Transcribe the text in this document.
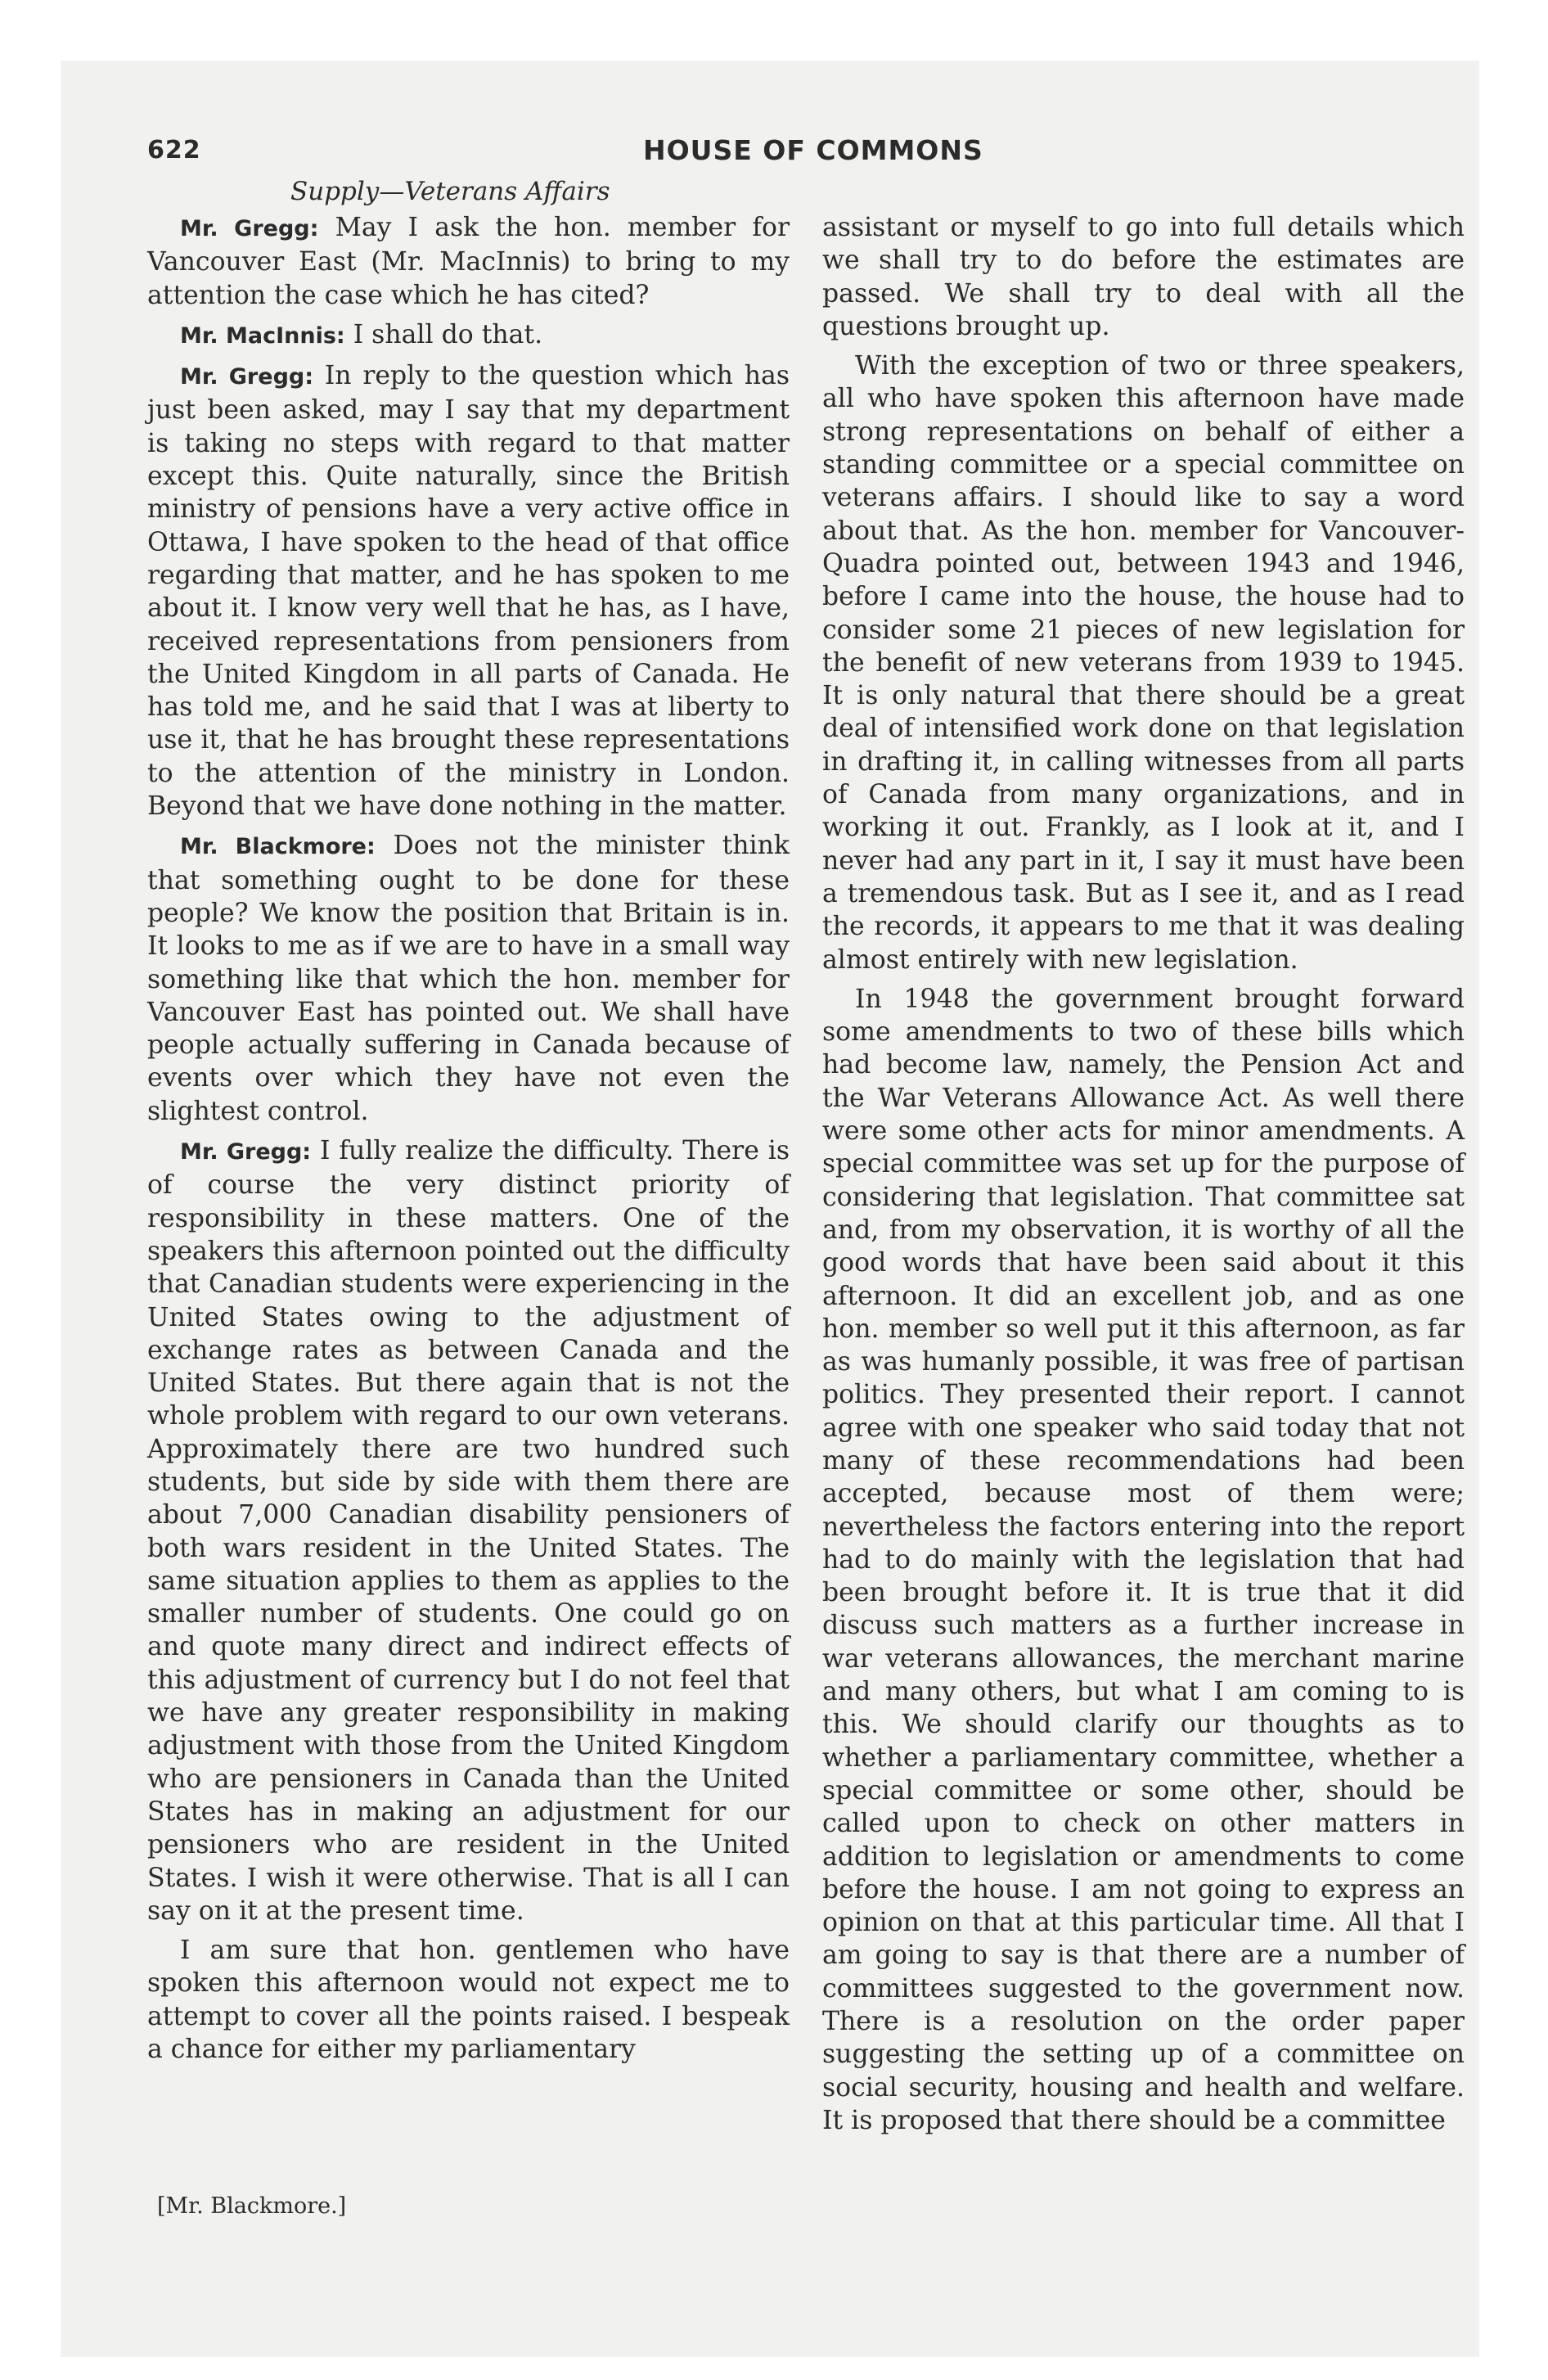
622	HOUSE OF COMMONS
Supply—Veterans Affairs

Mr. Gregg: May I ask the hon. member for Vancouver East (Mr. MacInnis) to bring to my attention the case which he has cited?

Mr. MacInnis: I shall do that.

Mr. Gregg: In reply to the question which has just been asked, may I say that my department is taking no steps with regard to that matter except this. Quite naturally, since the British ministry of pensions have a very active office in Ottawa, I have spoken to the head of that office regarding that matter, and he has spoken to me about it. I know very well that he has, as I have, received representations from pensioners from the United Kingdom in all parts of Canada. He has told me, and he said that I was at liberty to use it, that he has brought these representations to the attention of the ministry in London. Beyond that we have done nothing in the matter.

Mr. Blackmore: Does not the minister think that something ought to be done for these people? We know the position that Britain is in. It looks to me as if we are to have in a small way something like that which the hon. member for Vancouver East has pointed out. We shall have people actually suffering in Canada because of events over which they have not even the slightest control.

Mr. Gregg: I fully realize the difficulty. There is of course the very distinct priority of responsibility in these matters. One of the speakers this afternoon pointed out the difficulty that Canadian students were experiencing in the United States owing to the adjustment of exchange rates as between Canada and the United States. But there again that is not the whole problem with regard to our own veterans. Approximately there are two hundred such students, but side by side with them there are about 7,000 Canadian disability pensioners of both wars resident in the United States. The same situation applies to them as applies to the smaller number of students. One could go on and quote many direct and indirect effects of this adjustment of currency but I do not feel that we have any greater responsibility in making adjustment with those from the United Kingdom who are pensioners in Canada than the United States has in making an adjustment for our pensioners who are resident in the United States. I wish it were otherwise. That is all I can say on it at the present time.

I am sure that hon. gentlemen who have spoken this afternoon would not expect me to attempt to cover all the points raised. I bespeak a chance for either my parliamentary

assistant or myself to go into full details which we shall try to do before the estimates are passed. We shall try to deal with all the questions brought up.

With the exception of two or three speakers, all who have spoken this afternoon have made strong representations on behalf of either a standing committee or a special committee on veterans affairs. I should like to say a word about that. As the hon. member for Vancouver-Quadra pointed out, between 1943 and 1946, before I came into the house, the house had to consider some 21 pieces of new legislation for the benefit of new veterans from 1939 to 1945. It is only natural that there should be a great deal of intensified work done on that legislation in drafting it, in calling witnesses from all parts of Canada from many organizations, and in working it out. Frankly, as I look at it, and I never had any part in it, I say it must have been a tremendous task. But as I see it, and as I read the records, it appears to me that it was dealing almost entirely with new legislation.

In 1948 the government brought forward some amendments to two of these bills which had become law, namely, the Pension Act and the War Veterans Allowance Act. As well there were some other acts for minor amendments. A special committee was set up for the purpose of considering that legislation. That committee sat and, from my observation, it is worthy of all the good words that have been said about it this afternoon. It did an excellent job, and as one hon. member so well put it this afternoon, as far as was humanly possible, it was free of partisan politics. They presented their report. I cannot agree with one speaker who said today that not many of these recommendations had been accepted, because most of them were; nevertheless the factors entering into the report had to do mainly with the legislation that had been brought before it. It is true that it did discuss such matters as a further increase in war veterans allowances, the merchant marine and many others, but what I am coming to is this. We should clarify our thoughts as to whether a parliamentary committee, whether a special committee or some other, should be called upon to check on other matters in addition to legislation or amendments to come before the house. I am not going to express an opinion on that at this particular time. All that I am going to say is that there are a number of committees suggested to the government now. There is a resolution on the order paper suggesting the setting up of a committee on social security, housing and health and welfare. It is proposed that there should be a committee

[Mr. Blackmore.]
